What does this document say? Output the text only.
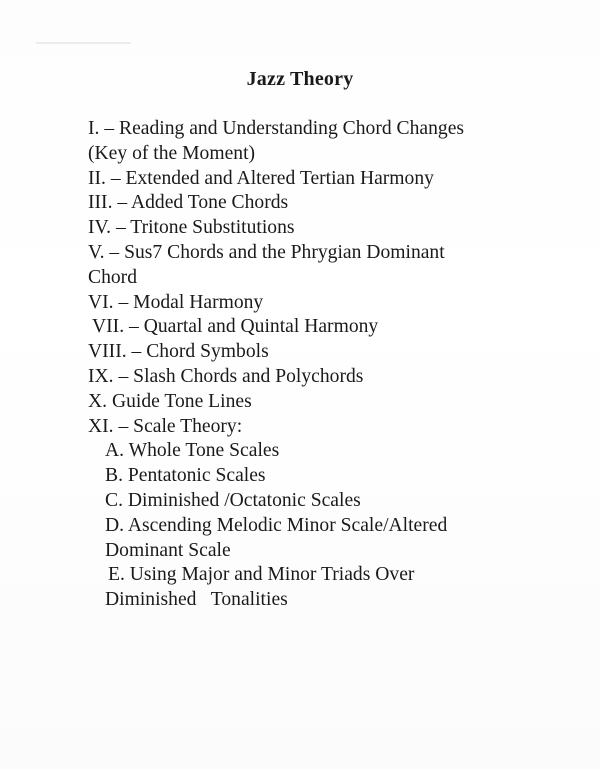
Jazz Theory
I. – Reading and Understanding Chord Changes
(Key of the Moment)
II. – Extended and Altered Tertian Harmony
III. – Added Tone Chords
IV. – Tritone Substitutions
V. – Sus7 Chords and the Phrygian Dominant
Chord
VI. – Modal Harmony
VII. – Quartal and Quintal Harmony
VIII. – Chord Symbols
IX. – Slash Chords and Polychords
X. Guide Tone Lines
XI. – Scale Theory:
A. Whole Tone Scales
B. Pentatonic Scales
C. Diminished /Octatonic Scales
D. Ascending Melodic Minor Scale/Altered
Dominant Scale
E. Using Major and Minor Triads Over
Diminished   Tonalities
